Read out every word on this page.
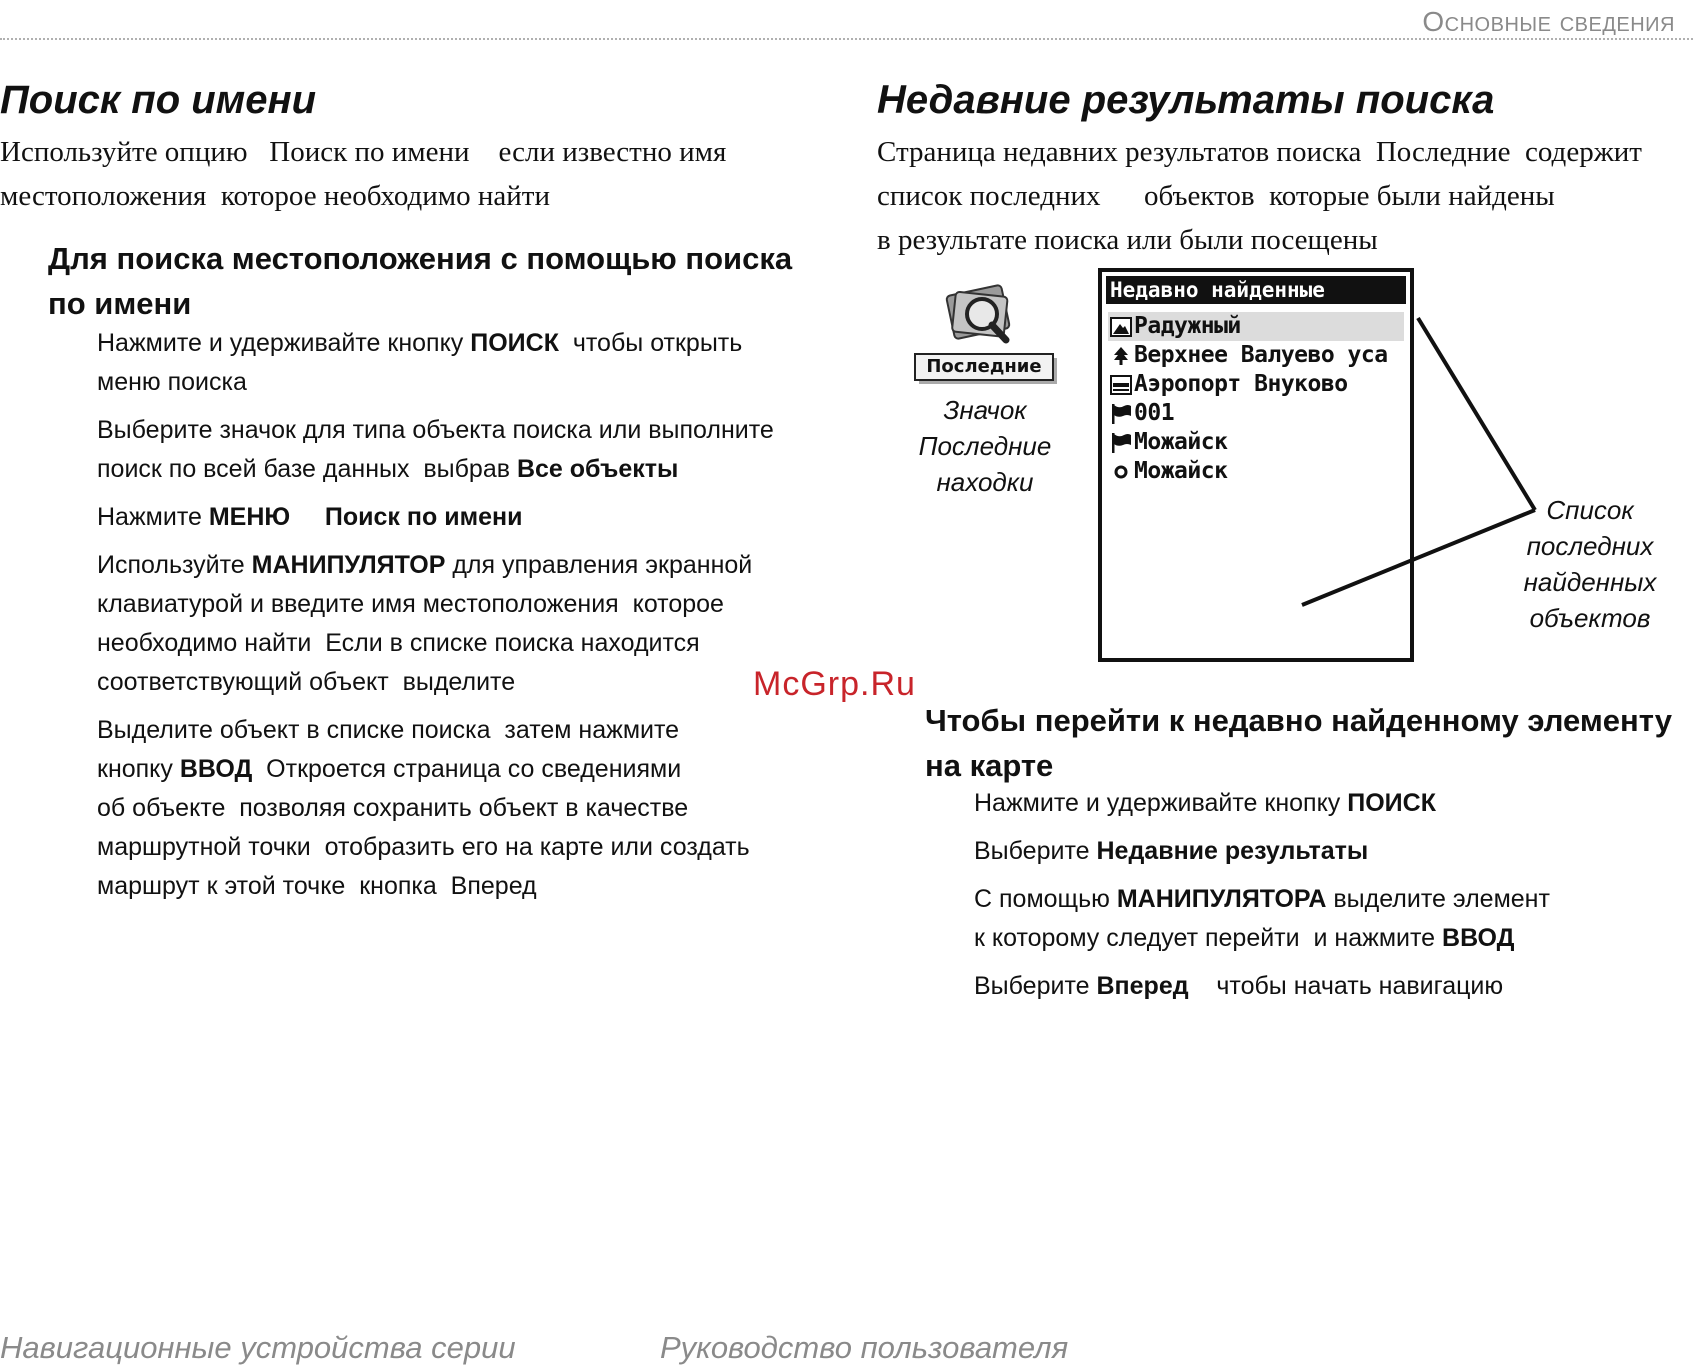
Основные сведения
Поиск по имени
Используйте опцию   Поиск по имени    если известно имя
местоположения  которое необходимо найти
Для поиска местоположения с помощью поиска
по имени
Нажмите и удерживайте кнопку ПОИСК  чтобы открыть
меню поиска
Выберите значок для типа объекта поиска или выполните
поиск по всей базе данных  выбрав Все объекты
Нажмите МЕНЮ     Поиск по имени
Используйте МАНИПУЛЯТОР для управления экранной
клавиатурой и введите имя местоположения  которое
необходимо найти  Если в списке поиска находится
соответствующий объект  выделите
Выделите объект в списке поиска  затем нажмите
кнопку ВВОД  Откроется страница со сведениями
об объекте  позволяя сохранить объект в качестве
маршрутной точки  отобразить его на карте или создать
маршрут к этой точке  кнопка  Вперед
Недавние результаты поиска
Страница недавних результатов поиска  Последние  содержит
список последних      объектов  которые были найдены
в результате поиска или были посещены
Последние
Значок
Последние
находки
Недавно найденные
Радужный
Верхнее Валуево уса
Аэропорт Внуково
001
Можайск
Можайск
Список
последних
найденных
объектов
McGrp.Ru
Чтобы перейти к недавно найденному элементу
на карте
Нажмите и удерживайте кнопку ПОИСК
Выберите Недавние результаты
С помощью МАНИПУЛЯТОРА выделите элемент
к которому следует перейти  и нажмите ВВОД
Выберите Вперед    чтобы начать навигацию
Навигационные устройства серии	Руководство пользователя
